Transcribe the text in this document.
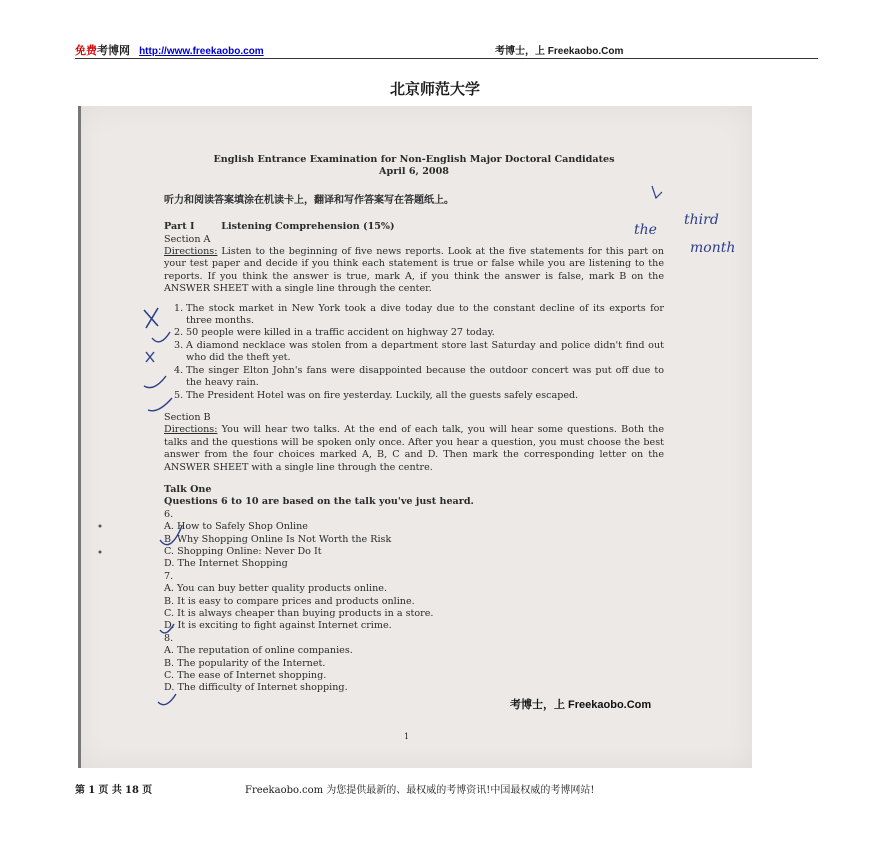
免费考博网 http://www.freekaobo.com	考博士，上 Freekaobo.Com
北京师范大学
English Entrance Examination for Non-English Major Doctoral Candidates
April 6, 2008
听力和阅读答案填涂在机读卡上，翻译和写作答案写在答题纸上。
Part I        Listening Comprehension (15%)
Section A
Directions: Listen to the beginning of five news reports. Look at the five statements for this part on your test paper and decide if you think each statement is true or false while you are listening to the reports. If you think the answer is true, mark A, if you think the answer is false, mark B on the ANSWER SHEET with a single line through the center.
1. The stock market in New York took a dive today due to the constant decline of its exports for three months.
2. 50 people were killed in a traffic accident on highway 27 today.
3. A diamond necklace was stolen from a department store last Saturday and police didn't find out who did the theft yet.
4. The singer Elton John's fans were disappointed because the outdoor concert was put off due to the heavy rain.
5. The President Hotel was on fire yesterday. Luckily, all the guests safely escaped.
Section B
Directions: You will hear two talks. At the end of each talk, you will hear some questions. Both the talks and the questions will be spoken only once. After you hear a question, you must choose the best answer from the four choices marked A, B, C and D. Then mark the corresponding letter on the ANSWER SHEET with a single line through the centre.
Talk One
Questions 6 to 10 are based on the talk you've just heard.
6.
A. How to Safely Shop Online
B. Why Shopping Online Is Not Worth the Risk
C. Shopping Online: Never Do It
D. The Internet Shopping
7.
A. You can buy better quality products online.
B. It is easy to compare prices and products online.
C. It is always cheaper than buying products in a store.
D. It is exciting to fight against Internet crime.
8.
A. The reputation of online companies.
B. The popularity of the Internet.
C. The ease of Internet shopping.
D. The difficulty of Internet shopping.
考博士，上 Freekaobo.Com
1
the
third
month
第 1 页 共 18 页	Freekaobo.com 为您提供最新的、最权威的考博资讯!中国最权威的考博网站!
